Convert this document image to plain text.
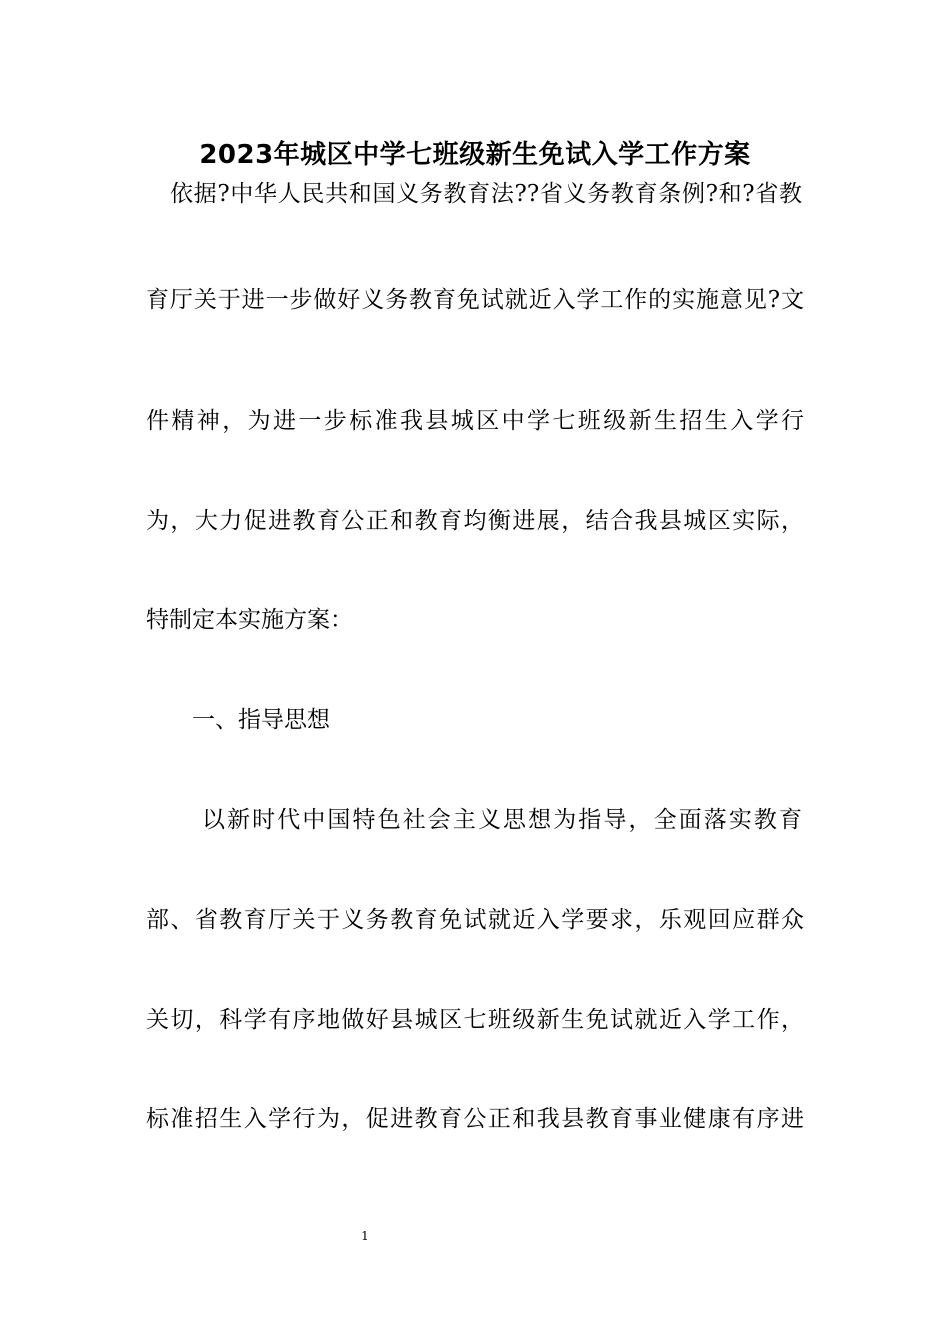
2023年城区中学七班级新生免试入学工作方案
依据?中华人民共和国义务教育法??省义务教育条例?和?省教
育厅关于进一步做好义务教育免试就近入学工作的实施意见?文
件精神，为进一步标准我县城区中学七班级新生招生入学行
为，大力促进教育公正和教育均衡进展，结合我县城区实际，
特制定本实施方案：
一、指导思想
以新时代中国特色社会主义思想为指导，全面落实教育
部、省教育厅关于义务教育免试就近入学要求，乐观回应群众
关切，科学有序地做好县城区七班级新生免试就近入学工作，
标准招生入学行为，促进教育公正和我县教育事业健康有序进
1
